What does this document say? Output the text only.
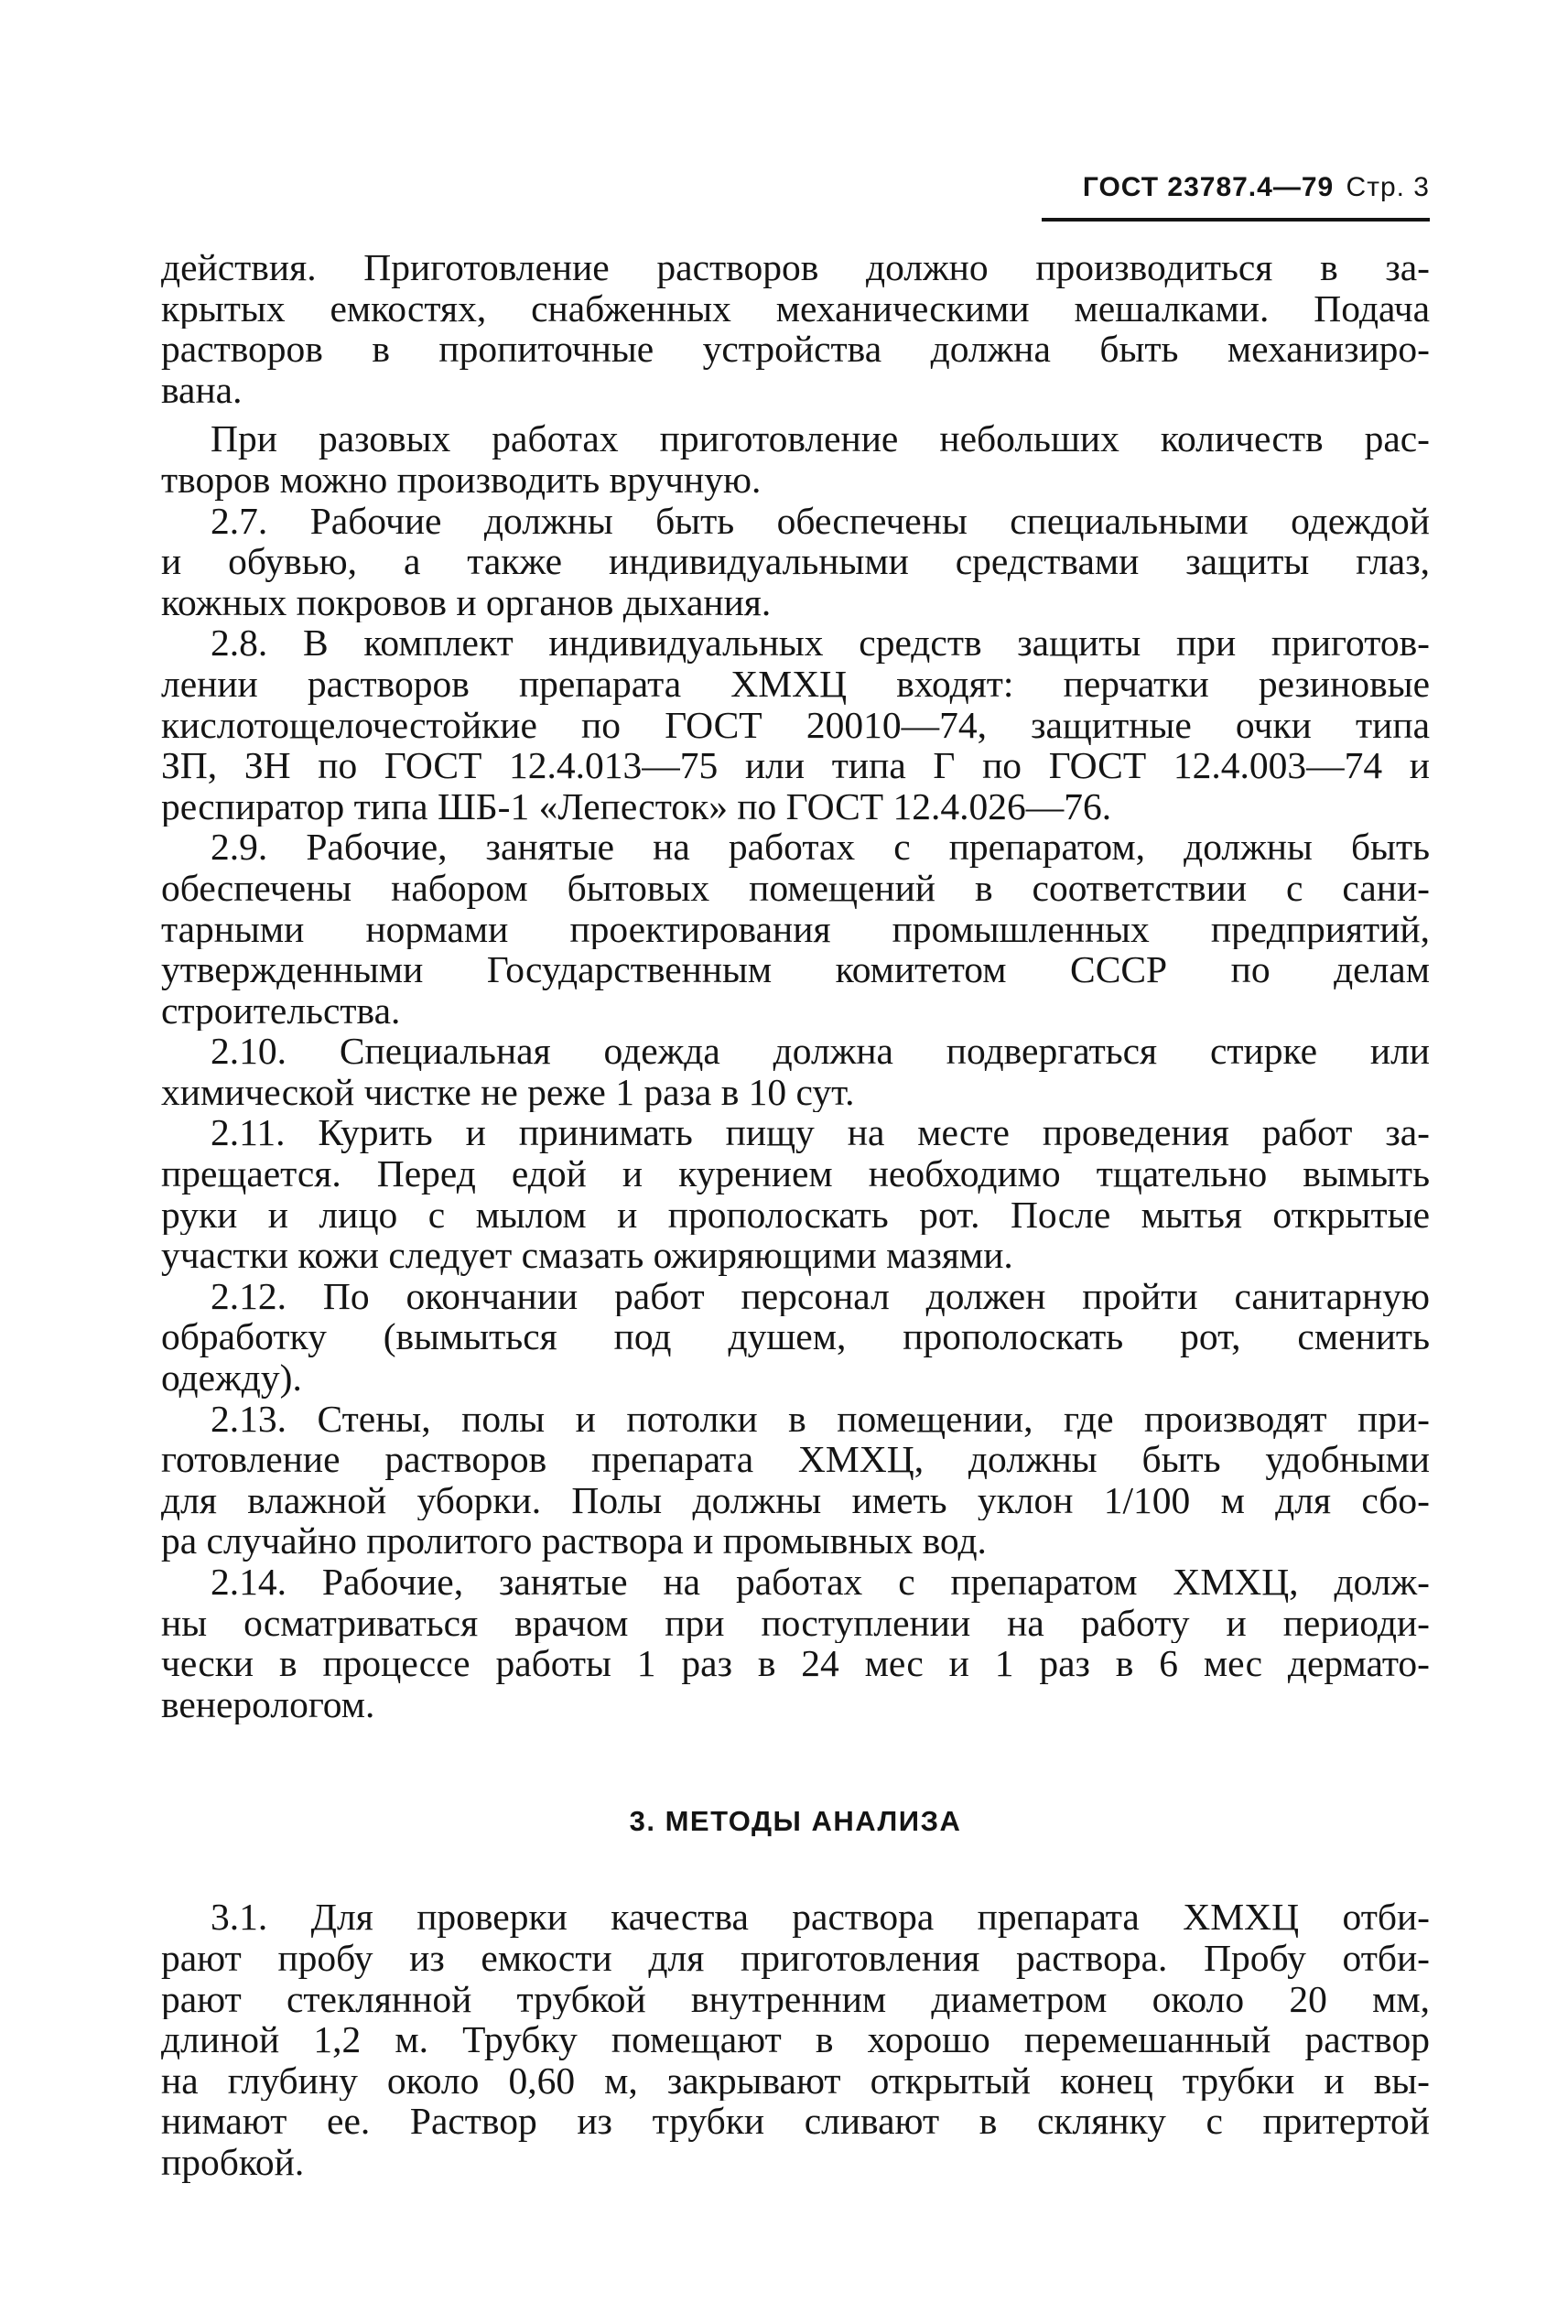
ГОСТ 23787.4—79 Стр. 3
действия. Приготовление растворов должно производиться в за-
крытых емкостях, снабженных механическими мешалками. Подача
растворов в пропиточные устройства должна быть механизиро-
вана.
При разовых работах приготовление небольших количеств рас-
творов можно производить вручную.
2.7. Рабочие должны быть обеспечены специальными одеждой
и обувью, а также индивидуальными средствами защиты глаз,
кожных покровов и органов дыхания.
2.8. В комплект индивидуальных средств защиты при приготов-
лении растворов препарата ХМХЦ входят: перчатки резиновые
кислотощелочестойкие по ГОСТ 20010—74, защитные очки типа
ЗП, ЗН по ГОСТ 12.4.013—75 или типа Г по ГОСТ 12.4.003—74 и
респиратор типа ШБ-1 «Лепесток» по ГОСТ 12.4.026—76.
2.9. Рабочие, занятые на работах с препаратом, должны быть
обеспечены набором бытовых помещений в соответствии с сани-
тарными нормами проектирования промышленных предприятий,
утвержденными Государственным комитетом СССР по делам
строительства.
2.10. Специальная одежда должна подвергаться стирке или
химической чистке не реже 1 раза в 10 сут.
2.11. Курить и принимать пищу на месте проведения работ за-
прещается. Перед едой и курением необходимо тщательно вымыть
руки и лицо с мылом и прополоскать рот. После мытья открытые
участки кожи следует смазать ожиряющими мазями.
2.12. По окончании работ персонал должен пройти санитарную
обработку (вымыться под душем, прополоскать рот, сменить
одежду).
2.13. Стены, полы и потолки в помещении, где производят при-
готовление растворов препарата ХМХЦ, должны быть удобными
для влажной уборки. Полы должны иметь уклон 1/100 м для сбо-
ра случайно пролитого раствора и промывных вод.
2.14. Рабочие, занятые на работах с препаратом ХМХЦ, долж-
ны осматриваться врачом при поступлении на работу и периоди-
чески в процессе работы 1 раз в 24 мес и 1 раз в 6 мес дермато-
венерологом.
3. МЕТОДЫ АНАЛИЗА
3.1. Для проверки качества раствора препарата ХМХЦ отби-
рают пробу из емкости для приготовления раствора. Пробу отби-
рают стеклянной трубкой внутренним диаметром около 20 мм,
длиной 1,2 м. Трубку помещают в хорошо перемешанный раствор
на глубину около 0,60 м, закрывают открытый конец трубки и вы-
нимают ее. Раствор из трубки сливают в склянку с притертой
пробкой.
